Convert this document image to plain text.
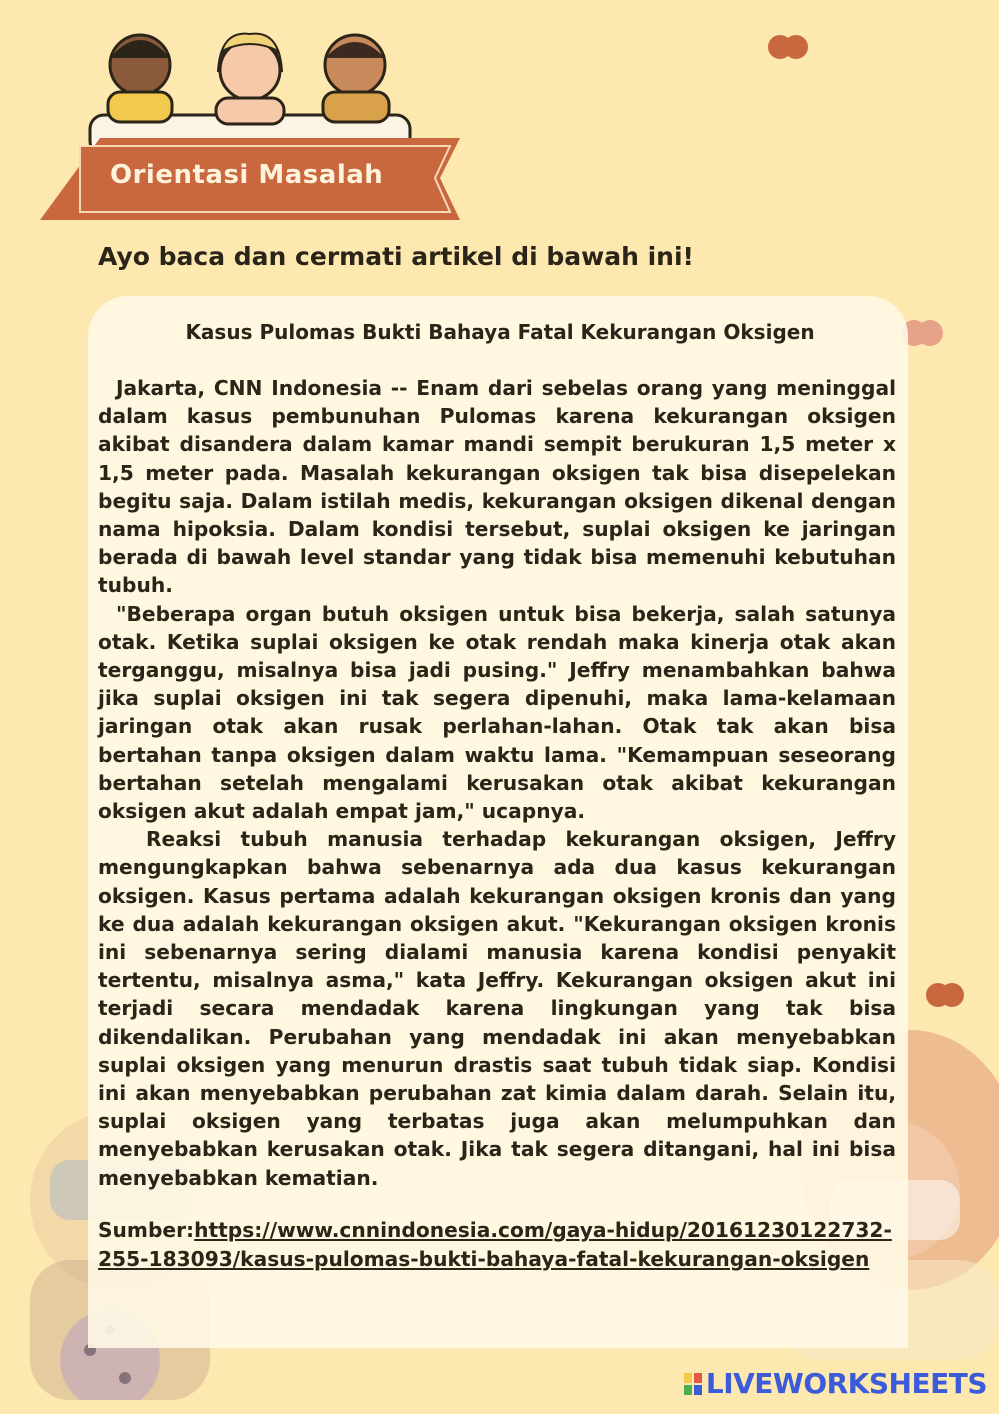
Orientasi Masalah
Ayo baca dan cermati artikel di bawah ini!
Kasus Pulomas Bukti Bahaya Fatal Kekurangan Oksigen

Jakarta, CNN Indonesia -- Enam dari sebelas orang yang meninggal dalam kasus pembunuhan Pulomas karena kekurangan oksigen akibat disandera dalam kamar mandi sempit berukuran 1,5 meter x 1,5 meter pada. Masalah kekurangan oksigen tak bisa disepelekan begitu saja. Dalam istilah medis, kekurangan oksigen dikenal dengan nama hipoksia. Dalam kondisi tersebut, suplai oksigen ke jaringan berada di bawah level standar yang tidak bisa memenuhi kebutuhan tubuh.

"Beberapa organ butuh oksigen untuk bisa bekerja, salah satunya otak. Ketika suplai oksigen ke otak rendah maka kinerja otak akan terganggu, misalnya bisa jadi pusing." Jeffry menambahkan bahwa jika suplai oksigen ini tak segera dipenuhi, maka lama-kelamaan jaringan otak akan rusak perlahan-lahan. Otak tak akan bisa bertahan tanpa oksigen dalam waktu lama. "Kemampuan seseorang bertahan setelah mengalami kerusakan otak akibat kekurangan oksigen akut adalah empat jam," ucapnya.

Reaksi tubuh manusia terhadap kekurangan oksigen, Jeffry mengungkapkan bahwa sebenarnya ada dua kasus kekurangan oksigen. Kasus pertama adalah kekurangan oksigen kronis dan yang ke dua adalah kekurangan oksigen akut. "Kekurangan oksigen kronis ini sebenarnya sering dialami manusia karena kondisi penyakit tertentu, misalnya asma," kata Jeffry. Kekurangan oksigen akut ini terjadi secara mendadak karena lingkungan yang tak bisa dikendalikan. Perubahan yang mendadak ini akan menyebabkan suplai oksigen yang menurun drastis saat tubuh tidak siap. Kondisi ini akan menyebabkan perubahan zat kimia dalam darah. Selain itu, suplai oksigen yang terbatas juga akan melumpuhkan dan menyebabkan kerusakan otak. Jika tak segera ditangani, hal ini bisa menyebabkan kematian.

Sumber:https://www.cnnindonesia.com/gaya-hidup/20161230122732-255-183093/kasus-pulomas-bukti-bahaya-fatal-kekurangan-oksigen
LIVEWORKSHEETS
